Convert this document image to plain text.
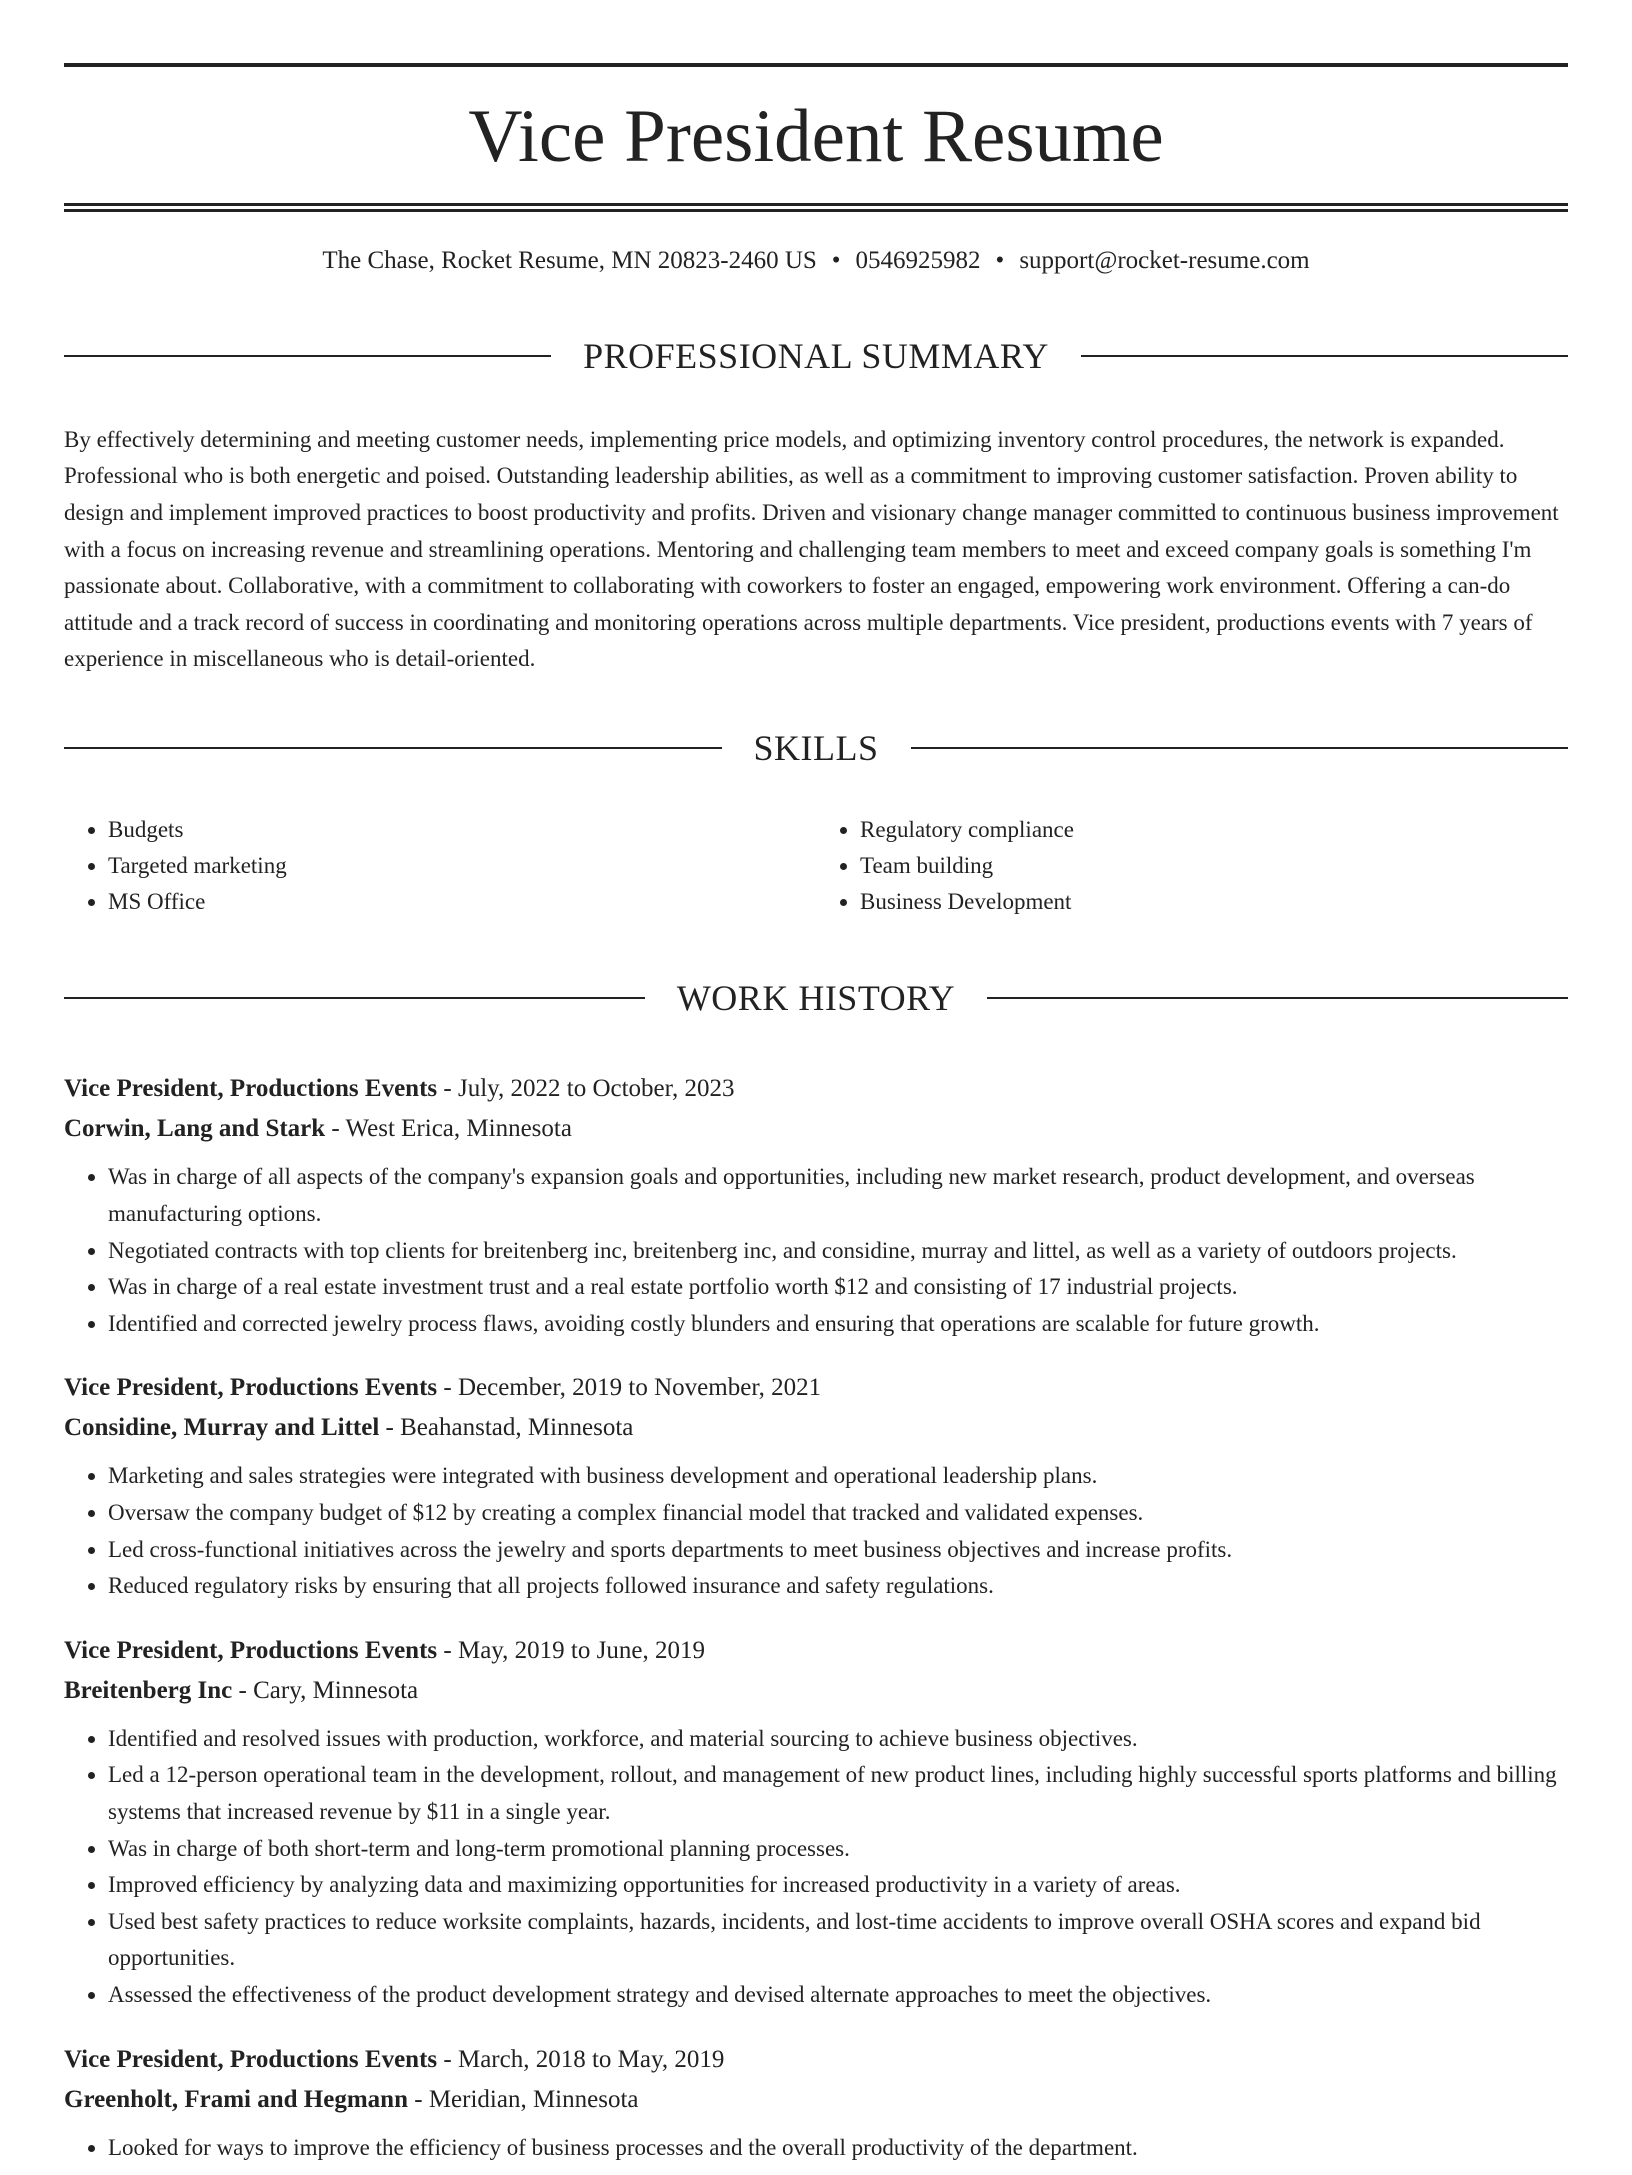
Vice President Resume
The Chase, Rocket Resume, MN 20823-2460 US • 0546925982 • support@rocket-resume.com
PROFESSIONAL SUMMARY

By effectively determining and meeting customer needs, implementing price models, and optimizing inventory control procedures, the network is expanded. Professional who is both energetic and poised. Outstanding leadership abilities, as well as a commitment to improving customer satisfaction. Proven ability to design and implement improved practices to boost productivity and profits. Driven and visionary change manager committed to continuous business improvement with a focus on increasing revenue and streamlining operations. Mentoring and challenging team members to meet and exceed company goals is something I'm passionate about. Collaborative, with a commitment to collaborating with coworkers to foster an engaged, empowering work environment. Offering a can-do attitude and a track record of success in coordinating and monitoring operations across multiple departments. Vice president, productions events with 7 years of experience in miscellaneous who is detail-oriented.

SKILLS
• Budgets
• Targeted marketing
• MS Office
• Regulatory compliance
• Team building
• Business Development
WORK HISTORY
Vice President, Productions Events - July, 2022 to October, 2023
Corwin, Lang and Stark - West Erica, Minnesota
• Was in charge of all aspects of the company's expansion goals and opportunities, including new market research, product development, and overseas manufacturing options.
• Negotiated contracts with top clients for breitenberg inc, breitenberg inc, and considine, murray and littel, as well as a variety of outdoors projects.
• Was in charge of a real estate investment trust and a real estate portfolio worth $12 and consisting of 17 industrial projects.
• Identified and corrected jewelry process flaws, avoiding costly blunders and ensuring that operations are scalable for future growth.
Vice President, Productions Events - December, 2019 to November, 2021
Considine, Murray and Littel - Beahanstad, Minnesota
• Marketing and sales strategies were integrated with business development and operational leadership plans.
• Oversaw the company budget of $12 by creating a complex financial model that tracked and validated expenses.
• Led cross-functional initiatives across the jewelry and sports departments to meet business objectives and increase profits.
• Reduced regulatory risks by ensuring that all projects followed insurance and safety regulations.
Vice President, Productions Events - May, 2019 to June, 2019
Breitenberg Inc - Cary, Minnesota
• Identified and resolved issues with production, workforce, and material sourcing to achieve business objectives.
• Led a 12-person operational team in the development, rollout, and management of new product lines, including highly successful sports platforms and billing systems that increased revenue by $11 in a single year.
• Was in charge of both short-term and long-term promotional planning processes.
• Improved efficiency by analyzing data and maximizing opportunities for increased productivity in a variety of areas.
• Used best safety practices to reduce worksite complaints, hazards, incidents, and lost-time accidents to improve overall OSHA scores and expand bid opportunities.
• Assessed the effectiveness of the product development strategy and devised alternate approaches to meet the objectives.
Vice President, Productions Events - March, 2018 to May, 2019
Greenholt, Frami and Hegmann - Meridian, Minnesota
• Looked for ways to improve the efficiency of business processes and the overall productivity of the department.
